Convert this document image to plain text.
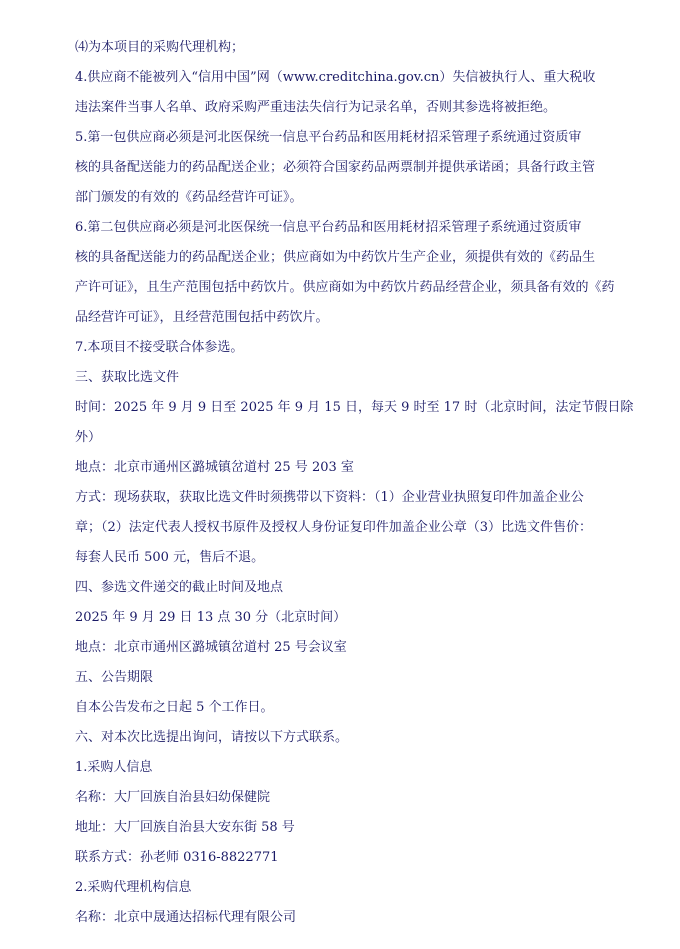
⑷为本项目的采购代理机构；
4.供应商不能被列入“信用中国”网（www.creditchina.gov.cn）失信被执行人、重大税收
违法案件当事人名单、政府采购严重违法失信行为记录名单，否则其参选将被拒绝。
5.第一包供应商必须是河北医保统一信息平台药品和医用耗材招采管理子系统通过资质审
核的具备配送能力的药品配送企业；必须符合国家药品两票制并提供承诺函；具备行政主管
部门颁发的有效的《药品经营许可证》。
6.第二包供应商必须是河北医保统一信息平台药品和医用耗材招采管理子系统通过资质审
核的具备配送能力的药品配送企业；供应商如为中药饮片生产企业，须提供有效的《药品生
产许可证》，且生产范围包括中药饮片。供应商如为中药饮片药品经营企业，须具备有效的《药
品经营许可证》，且经营范围包括中药饮片。
7.本项目不接受联合体参选。
三、获取比选文件
时间：2025 年 9 月 9 日至 2025 年 9 月 15 日，每天 9 时至 17 时（北京时间，法定节假日除
外）
地点：北京市通州区潞城镇岔道村 25 号 203 室
方式：现场获取，获取比选文件时须携带以下资料：（1）企业营业执照复印件加盖企业公
章；（2）法定代表人授权书原件及授权人身份证复印件加盖企业公章（3）比选文件售价：
每套人民币 500 元，售后不退。
四、参选文件递交的截止时间及地点
2025 年 9 月 29 日 13 点 30 分（北京时间）
地点：北京市通州区潞城镇岔道村 25 号会议室
五、公告期限
自本公告发布之日起 5 个工作日。
六、对本次比选提出询问，请按以下方式联系。
1.采购人信息
名称：大厂回族自治县妇幼保健院
地址：大厂回族自治县大安东街 58 号
联系方式：孙老师 0316-8822771
2.采购代理机构信息
名称：北京中晟通达招标代理有限公司
